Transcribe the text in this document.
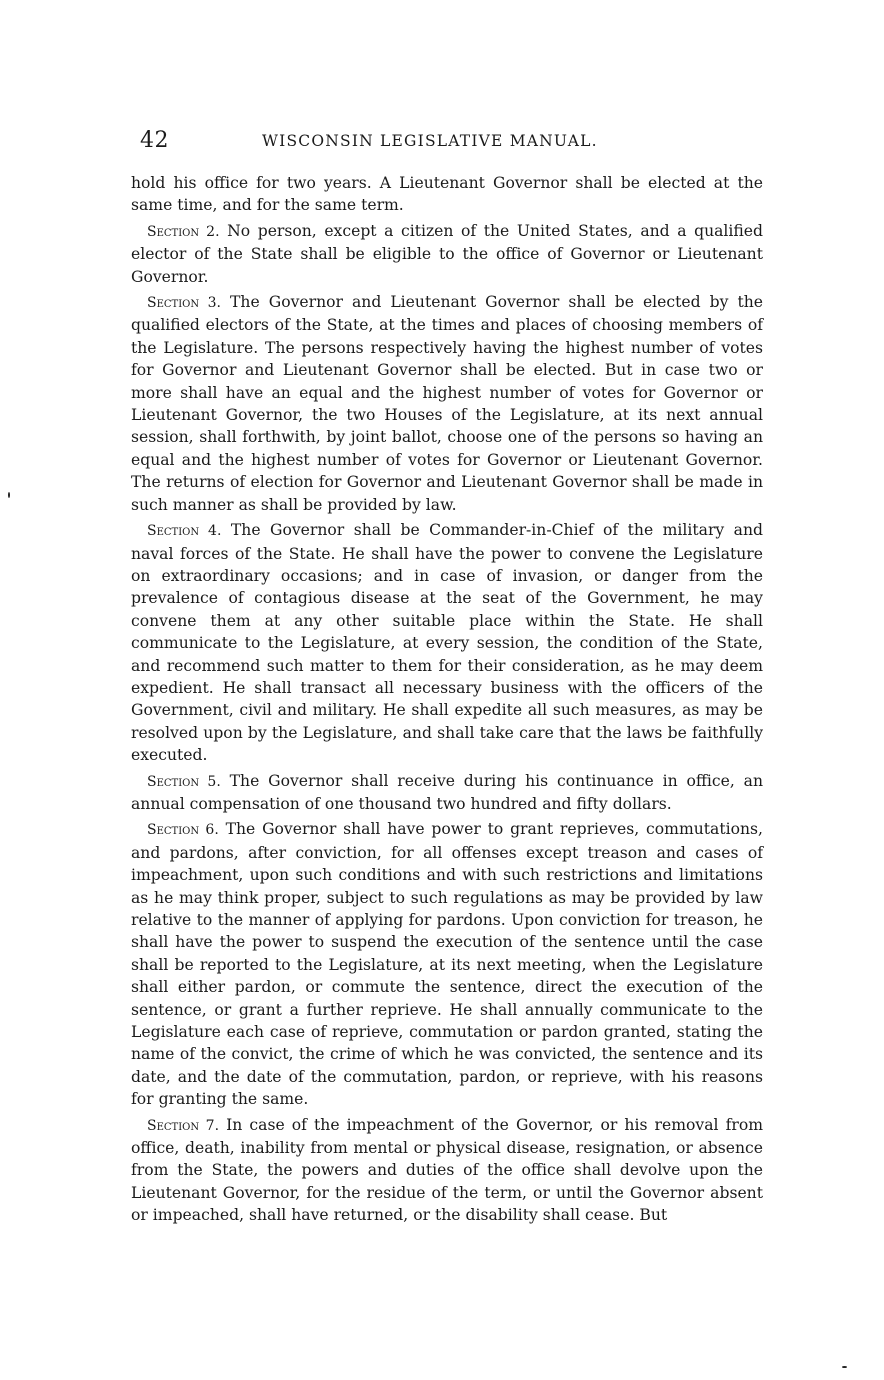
42	WISCONSIN LEGISLATIVE MANUAL.

hold his office for two years. A Lieutenant Governor shall be elected at the same time, and for the same term.

Section 2. No person, except a citizen of the United States, and a qualified elector of the State shall be eligible to the office of Governor or Lieutenant Governor.

Section 3. The Governor and Lieutenant Governor shall be elected by the qualified electors of the State, at the times and places of choosing members of the Legislature. The persons respectively having the highest number of votes for Governor and Lieutenant Governor shall be elected. But in case two or more shall have an equal and the highest number of votes for Governor or Lieutenant Governor, the two Houses of the Legislature, at its next annual session, shall forthwith, by joint ballot, choose one of the persons so having an equal and the highest number of votes for Governor or Lieutenant Governor. The returns of election for Governor and Lieutenant Governor shall be made in such manner as shall be provided by law.

Section 4. The Governor shall be Commander-in-Chief of the military and naval forces of the State. He shall have the power to convene the Legislature on extraordinary occasions; and in case of invasion, or danger from the prevalence of contagious disease at the seat of the Government, he may convene them at any other suitable place within the State. He shall communicate to the Legislature, at every session, the condition of the State, and recommend such matter to them for their consideration, as he may deem expedient. He shall transact all necessary business with the officers of the Government, civil and military. He shall expedite all such measures, as may be resolved upon by the Legislature, and shall take care that the laws be faithfully executed.

Section 5. The Governor shall receive during his continuance in office, an annual compensation of one thousand two hundred and fifty dollars.

Section 6. The Governor shall have power to grant reprieves, commutations, and pardons, after conviction, for all offenses except treason and cases of impeachment, upon such conditions and with such restrictions and limitations as he may think proper, subject to such regulations as may be provided by law relative to the manner of applying for pardons. Upon conviction for treason, he shall have the power to suspend the execution of the sentence until the case shall be reported to the Legislature, at its next meeting, when the Legislature shall either pardon, or commute the sentence, direct the execution of the sentence, or grant a further reprieve. He shall annually communicate to the Legislature each case of reprieve, commutation or pardon granted, stating the name of the convict, the crime of which he was convicted, the sentence and its date, and the date of the commutation, pardon, or reprieve, with his reasons for granting the same.

Section 7. In case of the impeachment of the Governor, or his removal from office, death, inability from mental or physical disease, resignation, or absence from the State, the powers and duties of the office shall devolve upon the Lieutenant Governor, for the residue of the term, or until the Governor absent or impeached, shall have returned, or the disability shall cease. But
